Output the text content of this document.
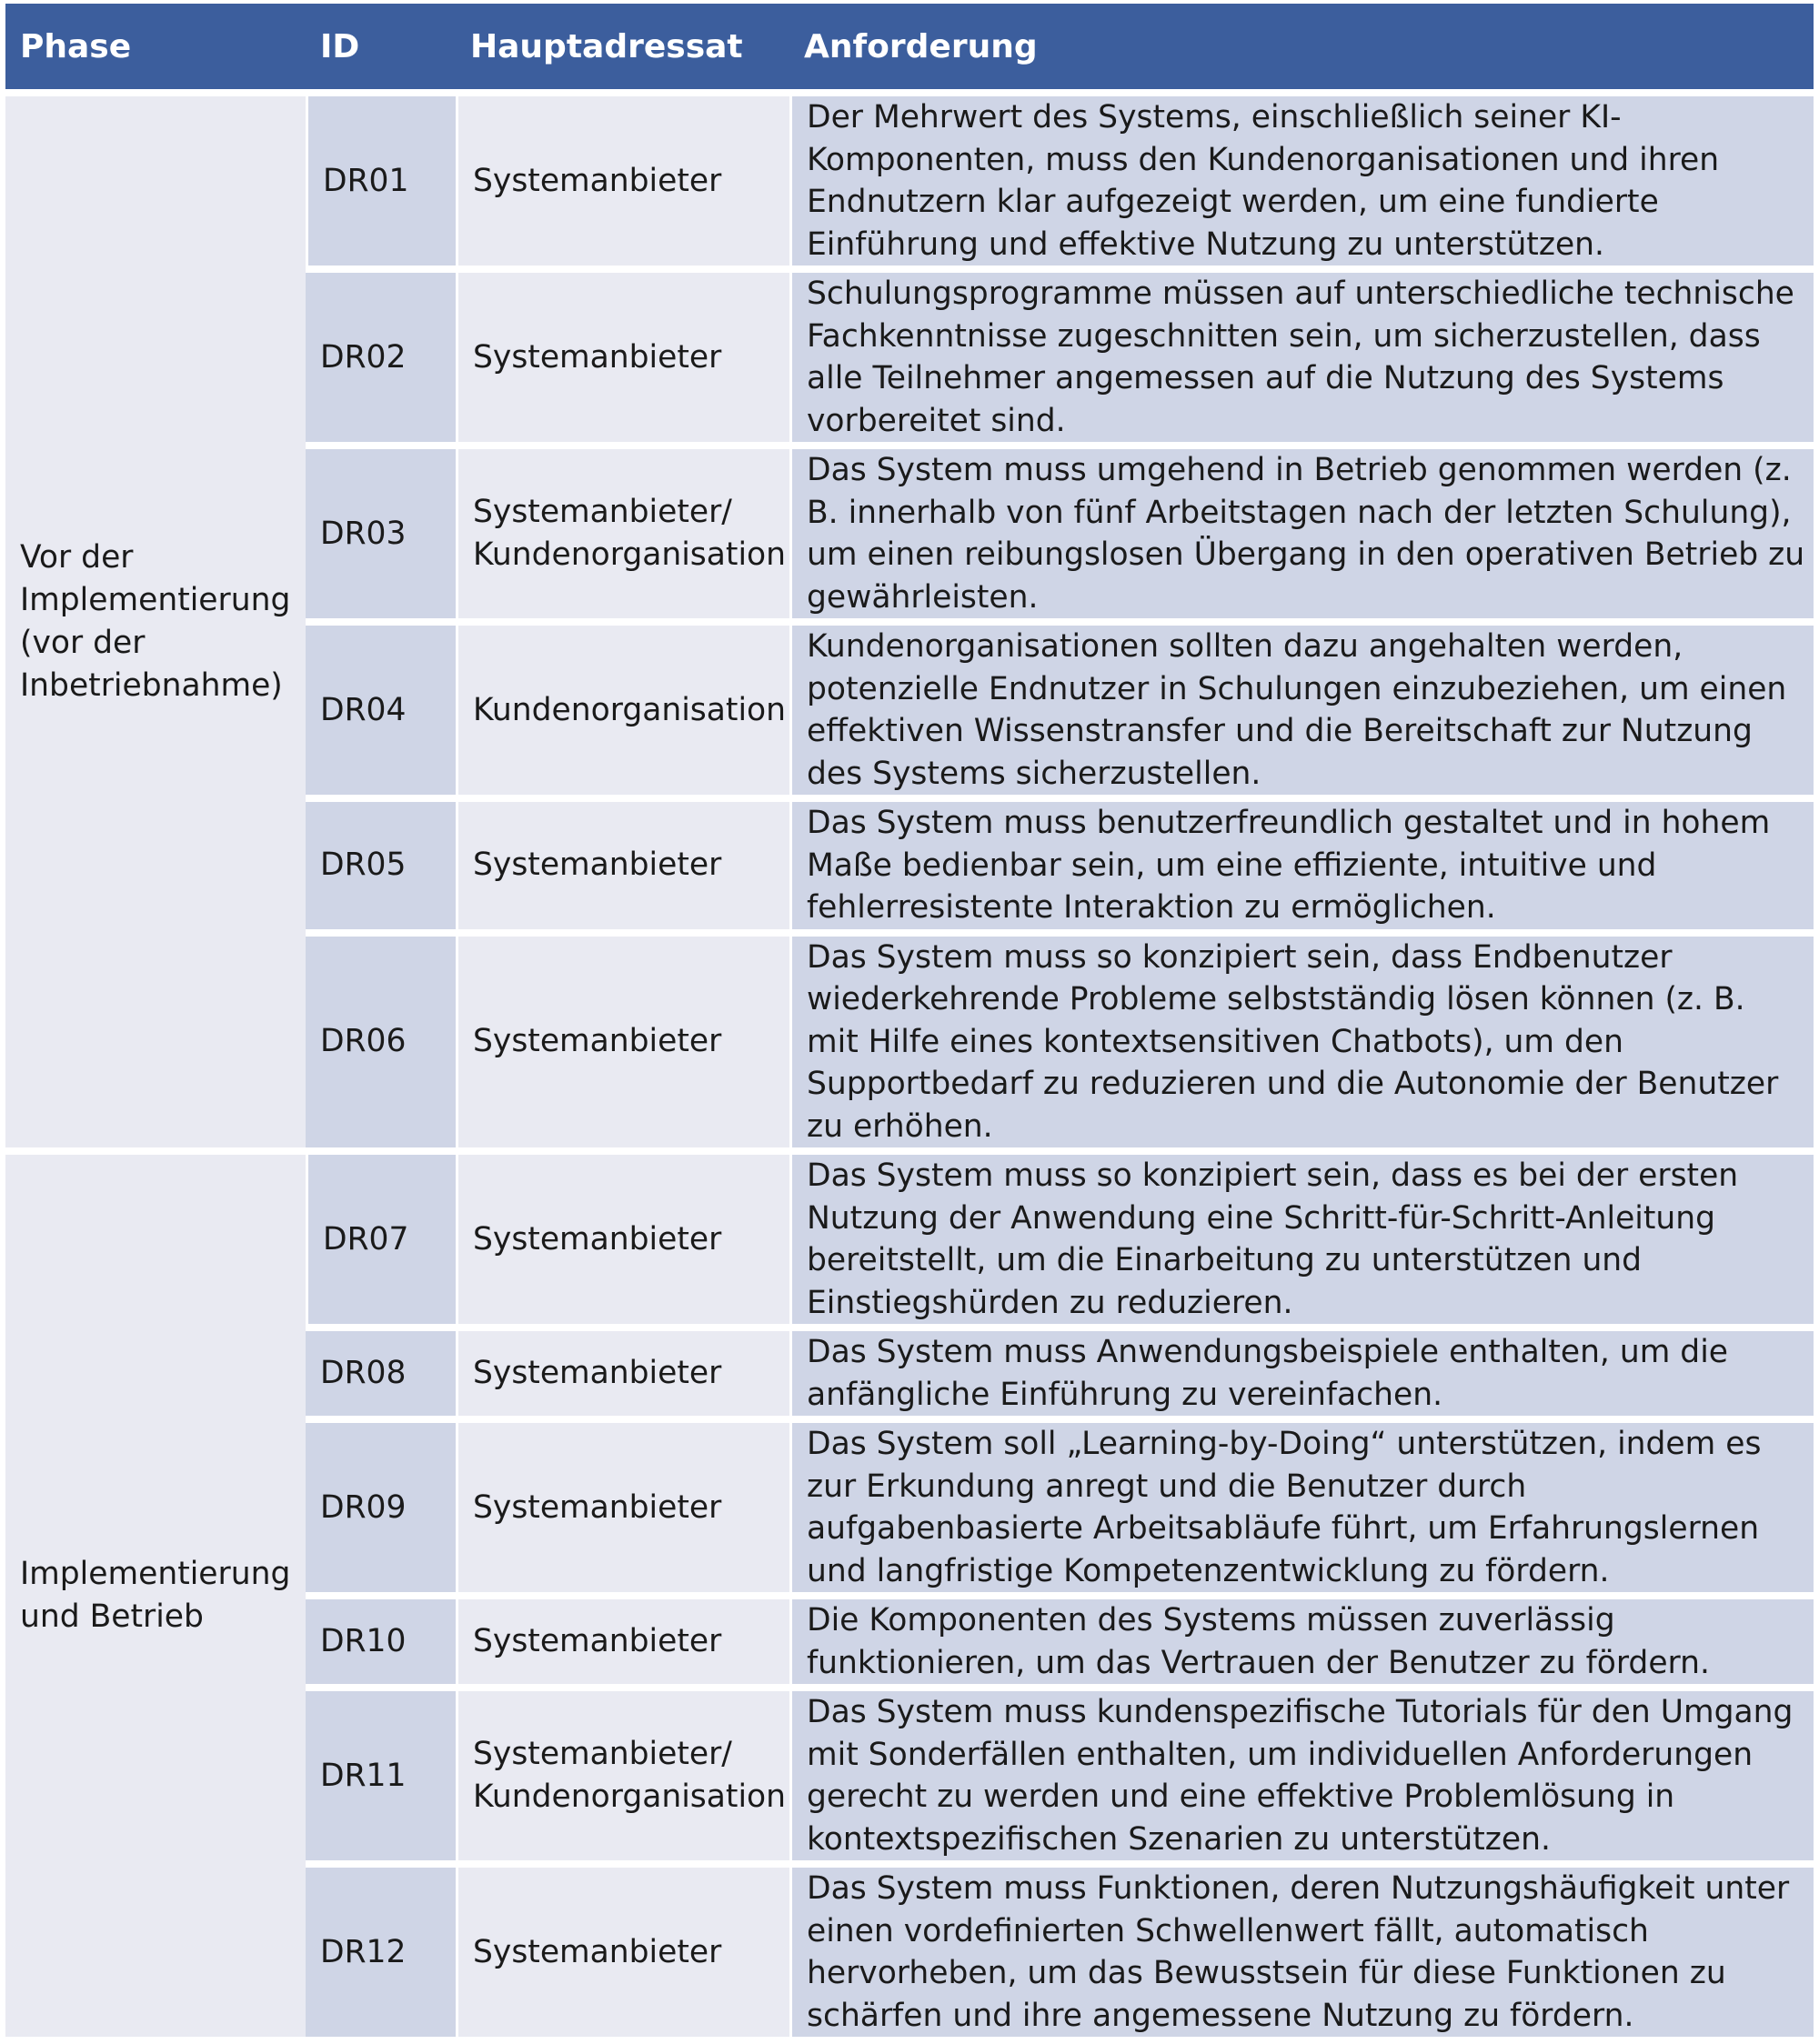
Phase	ID	Hauptadressat	Anforderung
Vor der Implementierung (vor der Inbetriebnahme)	DR01	Systemanbieter	Der Mehrwert des Systems, einschließlich seiner KI-Komponenten, muss den Kundenorganisationen und ihren Endnutzern klar aufgezeigt werden, um eine fundierte Einführung und effektive Nutzung zu unterstützen.
	DR02	Systemanbieter	Schulungsprogramme müssen auf unterschiedliche technische Fachkenntnisse zugeschnitten sein, um sicherzustellen, dass alle Teilnehmer angemessen auf die Nutzung des Systems vorbereitet sind.
	DR03	Systemanbieter/ Kundenorganisation	Das System muss umgehend in Betrieb genommen werden (z. B. innerhalb von fünf Arbeitstagen nach der letzten Schulung), um einen reibungslosen Übergang in den operativen Betrieb zu gewährleisten.
	DR04	Kundenorganisation	Kundenorganisationen sollten dazu angehalten werden, potenzielle Endnutzer in Schulungen einzubeziehen, um einen effektiven Wissenstransfer und die Bereitschaft zur Nutzung des Systems sicherzustellen.
	DR05	Systemanbieter	Das System muss benutzerfreundlich gestaltet und in hohem Maße bedienbar sein, um eine effiziente, intuitive und fehlerresistente Interaktion zu ermöglichen.
	DR06	Systemanbieter	Das System muss so konzipiert sein, dass Endbenutzer wiederkehrende Probleme selbstständig lösen können (z. B. mit Hilfe eines kontextsensitiven Chatbots), um den Supportbedarf zu reduzieren und die Autonomie der Benutzer zu erhöhen.
Implementierung und Betrieb	DR07	Systemanbieter	Das System muss so konzipiert sein, dass es bei der ersten Nutzung der Anwendung eine Schritt-für-Schritt-Anleitung bereitstellt, um die Einarbeitung zu unterstützen und Einstiegshürden zu reduzieren.
	DR08	Systemanbieter	Das System muss Anwendungsbeispiele enthalten, um die anfängliche Einführung zu vereinfachen.
	DR09	Systemanbieter	Das System soll „Learning-by-Doing“ unterstützen, indem es zur Erkundung anregt und die Benutzer durch aufgabenbasierte Arbeitsabläufe führt, um Erfahrungslernen und langfristige Kompetenzentwicklung zu fördern.
	DR10	Systemanbieter	Die Komponenten des Systems müssen zuverlässig funktionieren, um das Vertrauen der Benutzer zu fördern.
	DR11	Systemanbieter/ Kundenorganisation	Das System muss kundenspezifische Tutorials für den Umgang mit Sonderfällen enthalten, um individuellen Anforderungen gerecht zu werden und eine effektive Problemlösung in kontextspezifischen Szenarien zu unterstützen.
	DR12	Systemanbieter	Das System muss Funktionen, deren Nutzungshäufigkeit unter einen vordefinierten Schwellenwert fällt, automatisch hervorheben, um das Bewusstsein für diese Funktionen zu schärfen und ihre angemessene Nutzung zu fördern.
